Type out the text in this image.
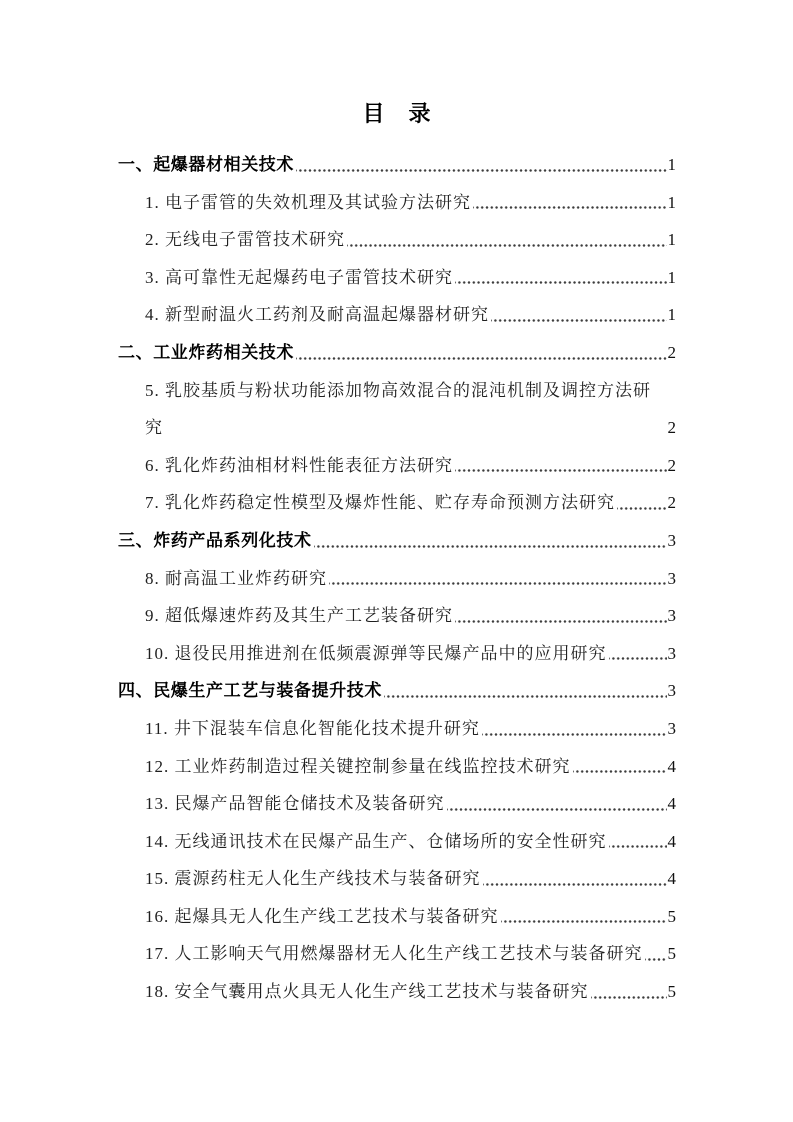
目　录
一、起爆器材相关技术	1
1. 电子雷管的失效机理及其试验方法研究	1
2. 无线电子雷管技术研究	1
3. 高可靠性无起爆药电子雷管技术研究	1
4. 新型耐温火工药剂及耐高温起爆器材研究	1
二、工业炸药相关技术	2
5. 乳胶基质与粉状功能添加物高效混合的混沌机制及调控方法研究	2
6. 乳化炸药油相材料性能表征方法研究	2
7. 乳化炸药稳定性模型及爆炸性能、贮存寿命预测方法研究	2
三、炸药产品系列化技术	3
8. 耐高温工业炸药研究	3
9. 超低爆速炸药及其生产工艺装备研究	3
10. 退役民用推进剂在低频震源弹等民爆产品中的应用研究	3
四、民爆生产工艺与装备提升技术	3
11. 井下混装车信息化智能化技术提升研究	3
12. 工业炸药制造过程关键控制参量在线监控技术研究	4
13. 民爆产品智能仓储技术及装备研究	4
14. 无线通讯技术在民爆产品生产、仓储场所的安全性研究	4
15. 震源药柱无人化生产线技术与装备研究	4
16. 起爆具无人化生产线工艺技术与装备研究	5
17. 人工影响天气用燃爆器材无人化生产线工艺技术与装备研究 5
18. 安全气囊用点火具无人化生产线工艺技术与装备研究	5
